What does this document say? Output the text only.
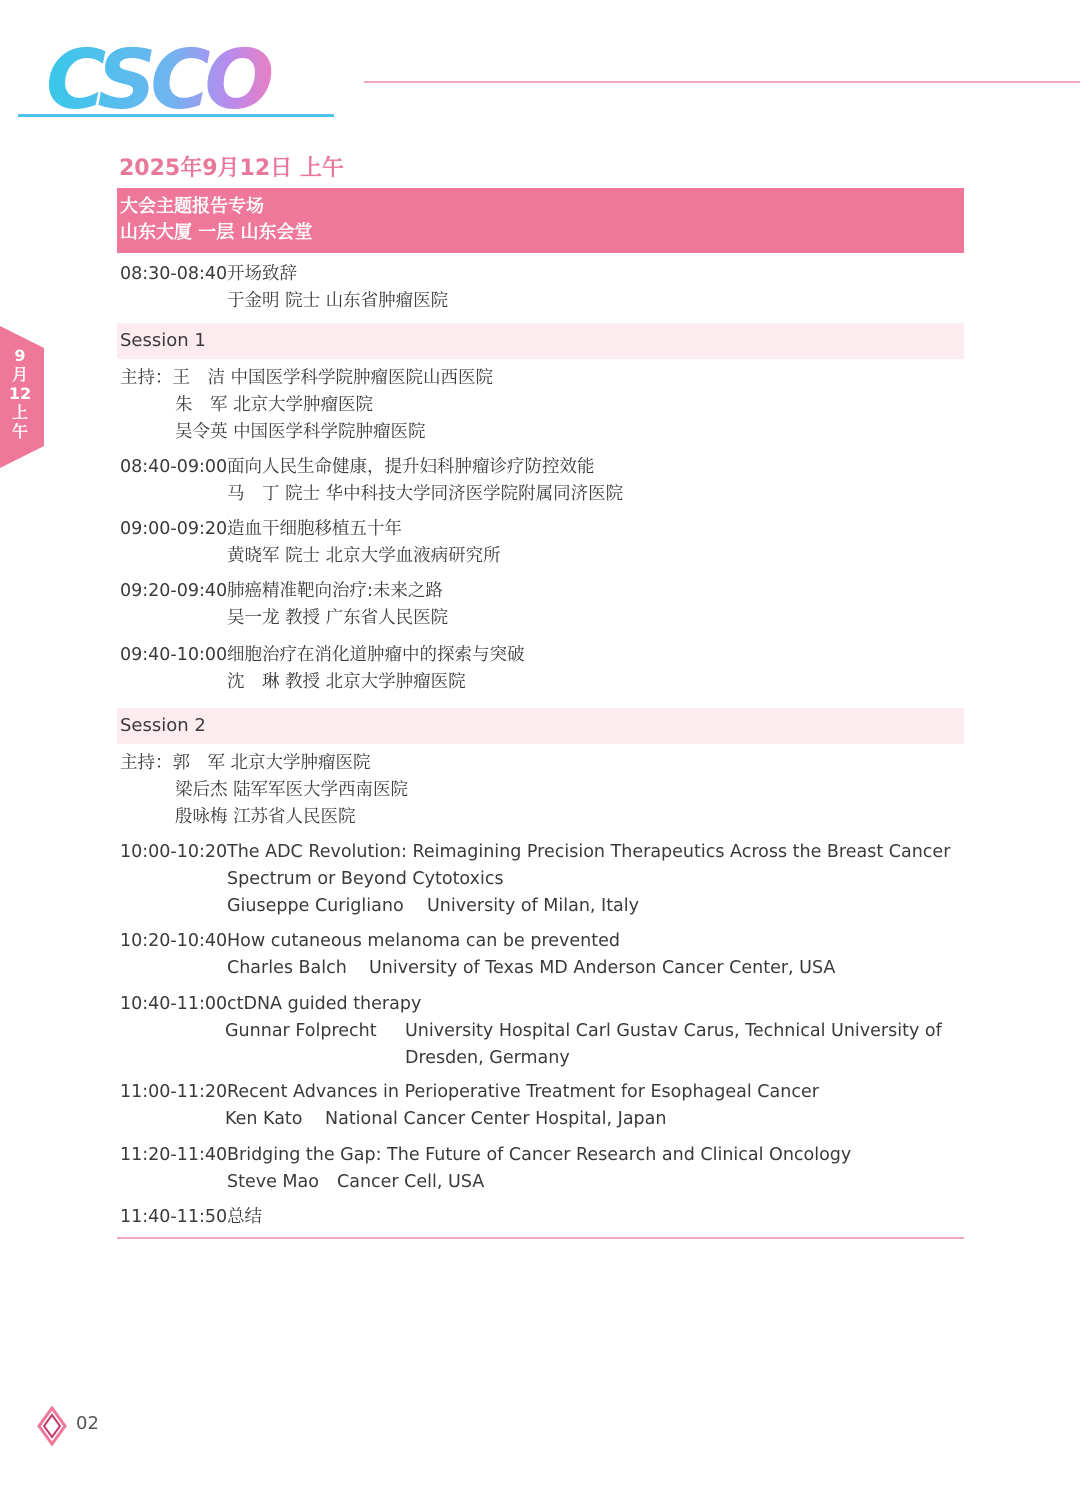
CSCO
9
月
12
上
午
2025年9月12日 上午
大会主题报告专场
山东大厦 一层 山东会堂
08:30-08:40 开场致辞
于金明 院士 山东省肿瘤医院
Session 1
主持：王　洁 中国医学科学院肿瘤医院山西医院
朱　军 北京大学肿瘤医院
吴令英 中国医学科学院肿瘤医院
08:40-09:00 面向人民生命健康，提升妇科肿瘤诊疗防控效能
马　丁 院士 华中科技大学同济医学院附属同济医院
09:00-09:20 造血干细胞移植五十年
黄晓军 院士 北京大学血液病研究所
09:20-09:40 肺癌精准靶向治疗:未来之路
吴一龙 教授 广东省人民医院
09:40-10:00 细胞治疗在消化道肿瘤中的探索与突破
沈　琳 教授 北京大学肿瘤医院
Session 2
主持：郭　军 北京大学肿瘤医院
梁后杰 陆军军医大学西南医院
殷咏梅 江苏省人民医院
10:00-10:20 The ADC Revolution: Reimagining Precision Therapeutics Across the Breast Cancer
Spectrum or Beyond Cytotoxics
Giuseppe Curigliano University of Milan, Italy
10:20-10:40 How cutaneous melanoma can be prevented
Charles Balch University of Texas MD Anderson Cancer Center, USA
10:40-11:00 ctDNA guided therapy
Gunnar Folprecht University Hospital Carl Gustav Carus, Technical University of
Dresden, Germany
11:00-11:20 Recent Advances in Perioperative Treatment for Esophageal Cancer
Ken Kato National Cancer Center Hospital, Japan
11:20-11:40 Bridging the Gap: The Future of Cancer Research and Clinical Oncology
Steve Mao Cancer Cell, USA
11:40-11:50 总结
02
